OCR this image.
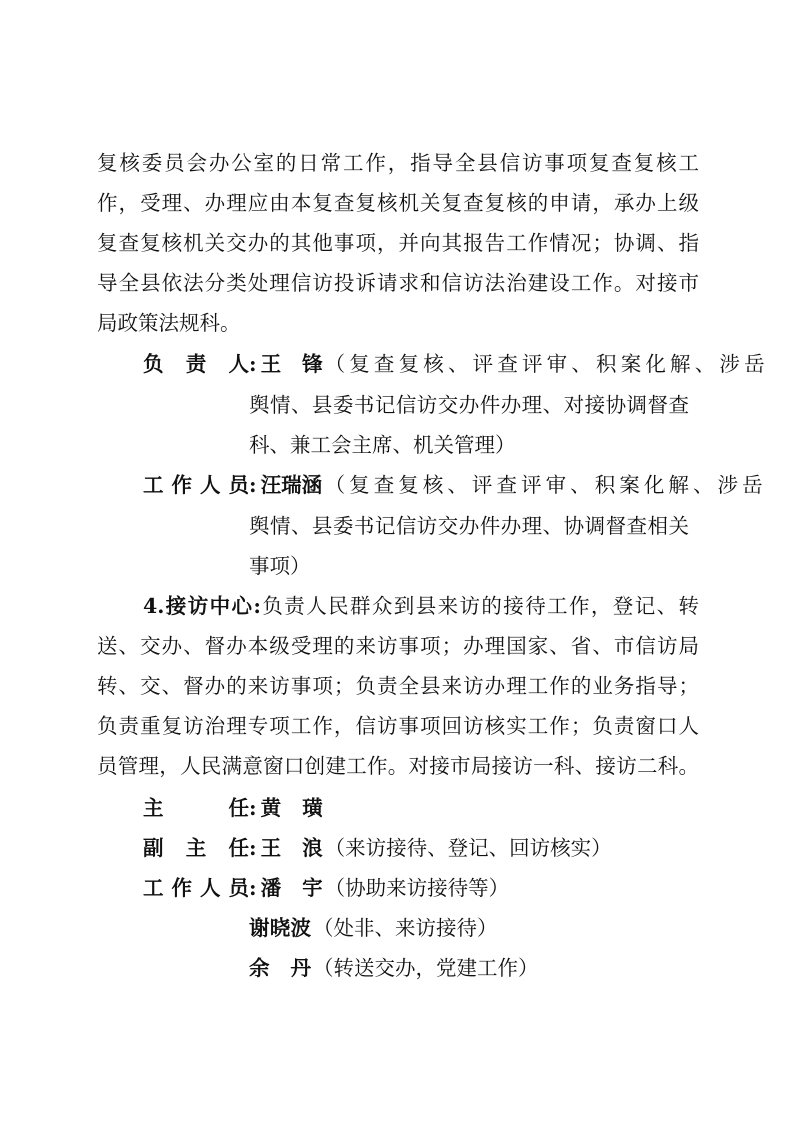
复核委员会办公室的日常工作，指导全县信访事项复查复核工
作，受理、办理应由本复查复核机关复查复核的申请，承办上级
复查复核机关交办的其他事项，并向其报告工作情况；协调、指
导全县依法分类处理信访投诉请求和信访法治建设工作。对接市
局政策法规科。
负责人: 王 锋（复查复核、评查评审、积案化解、涉岳
舆情、县委书记信访交办件办理、对接协调督查
科、兼工会主席、机关管理）
工作人员: 汪瑞涵 （复查复核、评查评审、积案化解、涉岳
舆情、县委书记信访交办件办理、协调督查相关
事项）
4.接访中心:负责人民群众到县来访的接待工作，登记、转
送、交办、督办本级受理的来访事项；办理国家、省、市信访局
转、交、督办的来访事项；负责全县来访办理工作的业务指导；
负责重复访治理专项工作，信访事项回访核实工作；负责窗口人
员管理，人民满意窗口创建工作。对接市局接访一科、接访二科。
主任: 黄 璜
副主任: 王 浪（来访接待、登记、回访核实）
工作人员: 潘 宇（协助来访接待等）
谢晓波（处非、来访接待）
余 丹（转送交办，党建工作）
